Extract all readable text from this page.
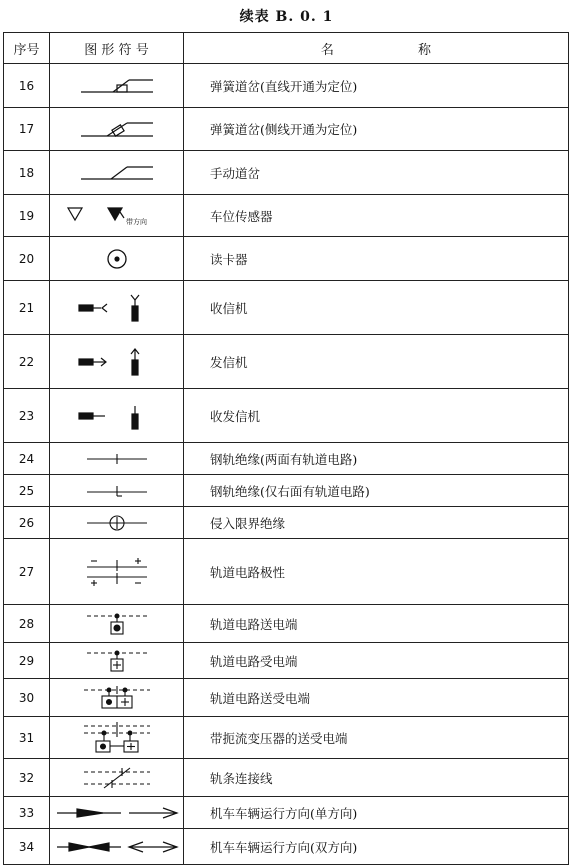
续表 B. 0. 1
序号	图 形 符 号	名 称
16		弹簧道岔(直线开通为定位)
17		弹簧道岔(侧线开通为定位)
18		手动道岔
19	带方向	车位传感器
20		读卡器
21		收信机
22		发信机
23		收发信机
24		钢轨绝缘(两面有轨道电路)
25		钢轨绝缘(仅右面有轨道电路)
26		侵入限界绝缘
27		轨道电路极性
28		轨道电路送电端
29		轨道电路受电端
30		轨道电路送受电端
31		带扼流变压器的送受电端
32		轨条连接线
33		机车车辆运行方向(单方向)
34		机车车辆运行方向(双方向)
